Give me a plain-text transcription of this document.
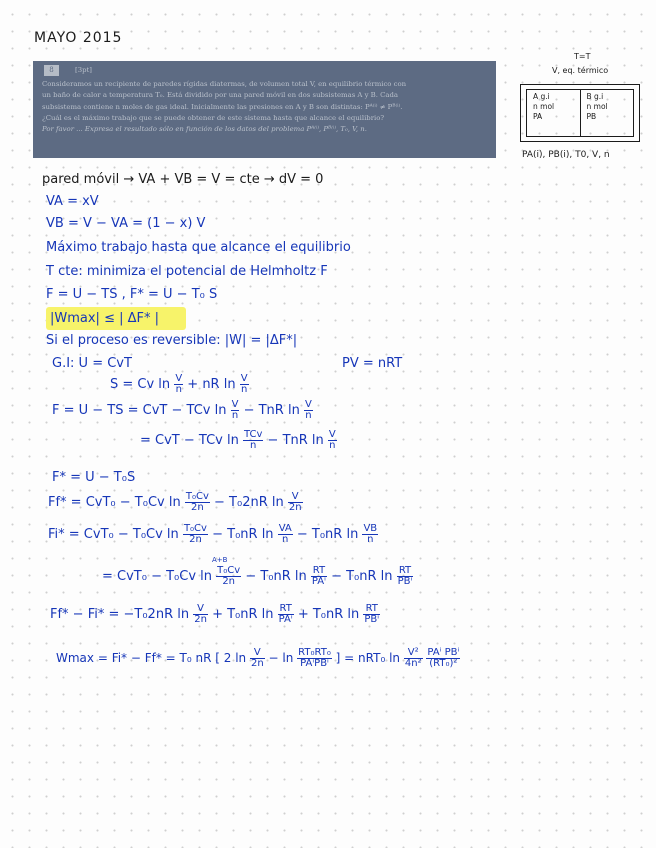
MAYO 2015
8	[3pt]
Consideramos un recipiente de paredes rígidas diatermas, de volumen total V, en equilibrio térmico con
un baño de calor a temperatura T₀. Está dividido por una pared móvil en dos subsistemas A y B. Cada
subsistema contiene n moles de gas ideal. Inicialmente las presiones en A y B son distintas: Pᴬ⁽ⁱ⁾ ≠ Pᴮ⁽ⁱ⁾.
¿Cuál es el máximo trabajo que se puede obtener de este sistema hasta que alcance el equilibrio?
Por favor ... Expresa el resultado sólo en función de los datos del problema Pᴬ⁽ⁱ⁾, Pᴮ⁽ⁱ⁾, T₀, V, n.
T=T
V, eq. térmico
A g.i
n mol
PA
B g.i
n mol
PB
PA(i), PB(i), T0, V, n
pared móvil → VA + VB = V = cte → dV = 0
VA = xV
VB = V − VA = (1 − x) V
Máximo trabajo hasta que alcance el equilibrio
T cte: minimiza el potencial de Helmholtz F
F = U − TS , F* = U − T₀ S
|Wmax| ≤ | ΔF* |
Si el proceso es reversible: |W| = |ΔF*|
G.I: U = CvT	PV = nRT
S = Cv $\ln \frac{V}{n}$ + nR $\ln \frac{V}{n}$
F = U − TS = CvT − TCv $\ln \frac{V}{n}$ − TnR $\ln \frac{V}{n}$
= CvT − TCv $\ln \frac{\text{TCv}}{n}$ − TnR $\ln \frac{V}{n}$
F* = U − T₀S
Ff* = CvT₀ − T₀Cv $\ln \frac{\text{T₀Cv}}{2n} - T_02nR$ $\ln \frac{V}{2n}$
Fi* = CvT₀ − T₀Cv $\ln \frac{\text{T₀Cv}}{2n} - T_0nR$ $\ln \frac{VA}{n} - T_0nR$ $\ln \frac{VB}{n}$
A+B
= CvT₀ − T₀Cv $\ln \frac{\text{T₀Cv}}{2n} - T_0nR$ $\ln \frac{RT}{\text{PAⁱ}} - T_0nR$ $\ln \frac{RT}{\text{PBⁱ}}$
Ff* − Fi* = −T₀2nR $\ln \frac{V}{2n} + T_0nR$ $\ln \frac{RT}{\text{PAⁱ}} + T_0nR$ $\ln \frac{RT}{\text{PBⁱ}}$
Wmax = Fi* − Ff* = T₀ nR [ 2 $\ln \frac{V}{2n} - \ln \frac{\text{RT₀RT₀}}{\text{PAⁱPBⁱ}}$ ] = nRT₀ $\ln \frac{\text{V²}}{\text{4n²}}$
$\frac{\text{PAⁱ PBⁱ}}{\text{(RT₀)²}}$
